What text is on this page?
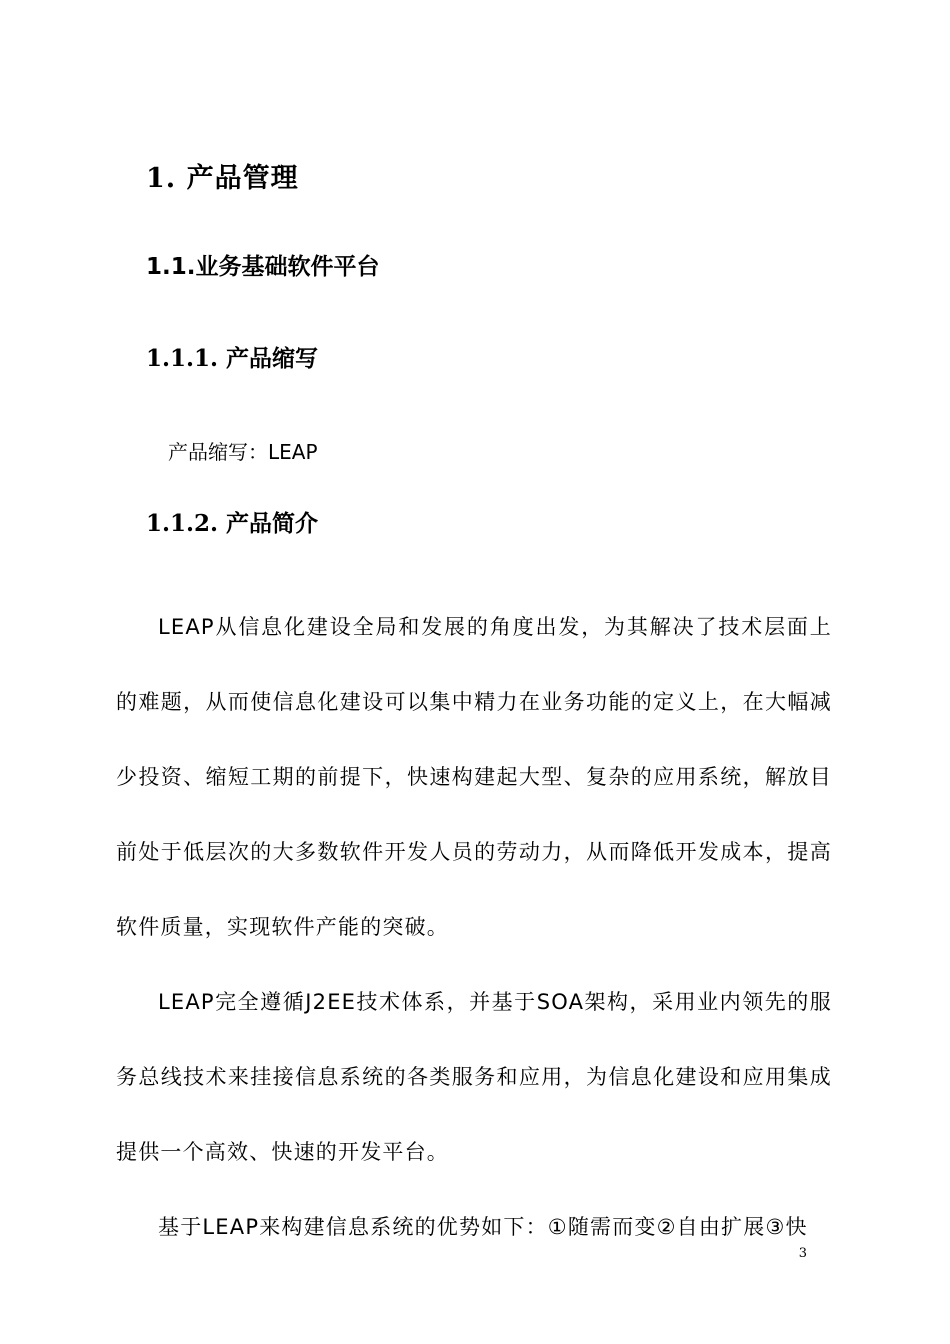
1. 产品管理
1.1.业务基础软件平台
1.1.1. 产品缩写
产品缩写：LEAP
1.1.2. 产品简介

LEAP从信息化建设全局和发展的角度出发，为其解决了技术层面上的难题，从而使信息化建设可以集中精力在业务功能的定义上，在大幅减少投资、缩短工期的前提下，快速构建起大型、复杂的应用系统，解放目前处于低层次的大多数软件开发人员的劳动力，从而降低开发成本，提高软件质量，实现软件产能的突破。

LEAP完全遵循J2EE技术体系，并基于SOA架构，采用业内领先的服务总线技术来挂接信息系统的各类服务和应用，为信息化建设和应用集成提供一个高效、快速的开发平台。

基于LEAP来构建信息系统的优势如下：①随需而变②自由扩展③快

3
